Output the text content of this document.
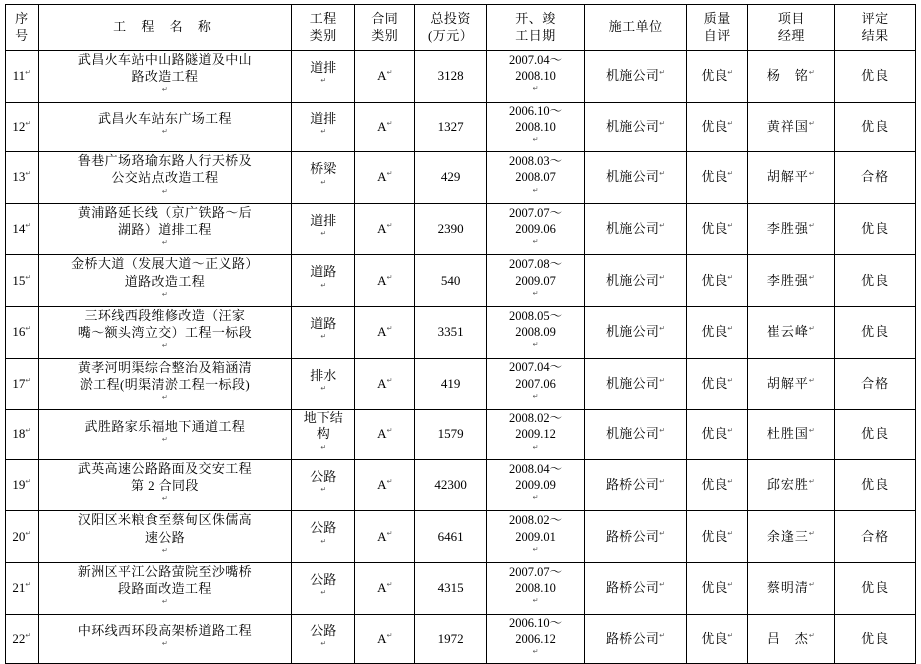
序
号	工 程 名 称	工程
类别	合同
类别	总投资
(万元）	开、竣
工日期	施工单位	质量
自评	项目
经理	评定
结果

11↵	武昌火车站中山路隧道及中山
路改造工程
↵	道排
↵	A↵	3128	2007.04～
2008.10
↵	机施公司↵	优良↵	杨　铭↵	优良
12↵	武昌火车站东广场工程
↵	道排
↵	A↵	1327	2006.10～
2008.10
↵	机施公司↵	优良↵	黄祥国↵	优良
13↵	鲁巷广场珞瑜东路人行天桥及
公交站点改造工程
↵	桥梁
↵	A↵	429	2008.03～
2008.07
↵	机施公司↵	优良↵	胡解平↵	合格
14↵	黄浦路延长线（京广铁路～后
湖路）道排工程
↵	道排
↵	A↵	2390	2007.07～
2009.06
↵	机施公司↵	优良↵	李胜强↵	优良
15↵	金桥大道（发展大道～正义路）
道路改造工程
↵	道路
↵	A↵	540	2007.08～
2009.07
↵	机施公司↵	优良↵	李胜强↵	优良
16↵	三环线西段维修改造（汪家
嘴～额头湾立交）工程一标段
↵	道路
↵	A↵	3351	2008.05～
2008.09
↵	机施公司↵	优良↵	崔云峰↵	优良
17↵	黄孝河明渠综合整治及箱涵清
淤工程(明渠清淤工程一标段)
↵	排水
↵	A↵	419	2007.04～
2007.06
↵	机施公司↵	优良↵	胡解平↵	合格
18↵	武胜路家乐福地下通道工程
↵	地下结
构
↵	A↵	1579	2008.02～
2009.12
↵	机施公司↵	优良↵	杜胜国↵	优良
19↵	武英高速公路路面及交安工程
第 2 合同段
↵	公路
↵	A↵	42300	2008.04～
2009.09
↵	路桥公司↵	优良↵	邱宏胜↵	优良
20↵	汉阳区米粮食至蔡甸区侏儒高
速公路
↵	公路
↵	A↵	6461	2008.02～
2009.01
↵	路桥公司↵	优良↵	余逢三↵	合格
21↵	新洲区平江公路萤院至沙嘴桥
段路面改造工程
↵	公路
↵	A↵	4315	2007.07～
2008.10
↵	路桥公司↵	优良↵	蔡明清↵	优良
22↵	中环线西环段高架桥道路工程
↵	公路
↵	A↵	1972	2006.10～
2006.12
↵	路桥公司↵	优良↵	吕　杰↵	优良
